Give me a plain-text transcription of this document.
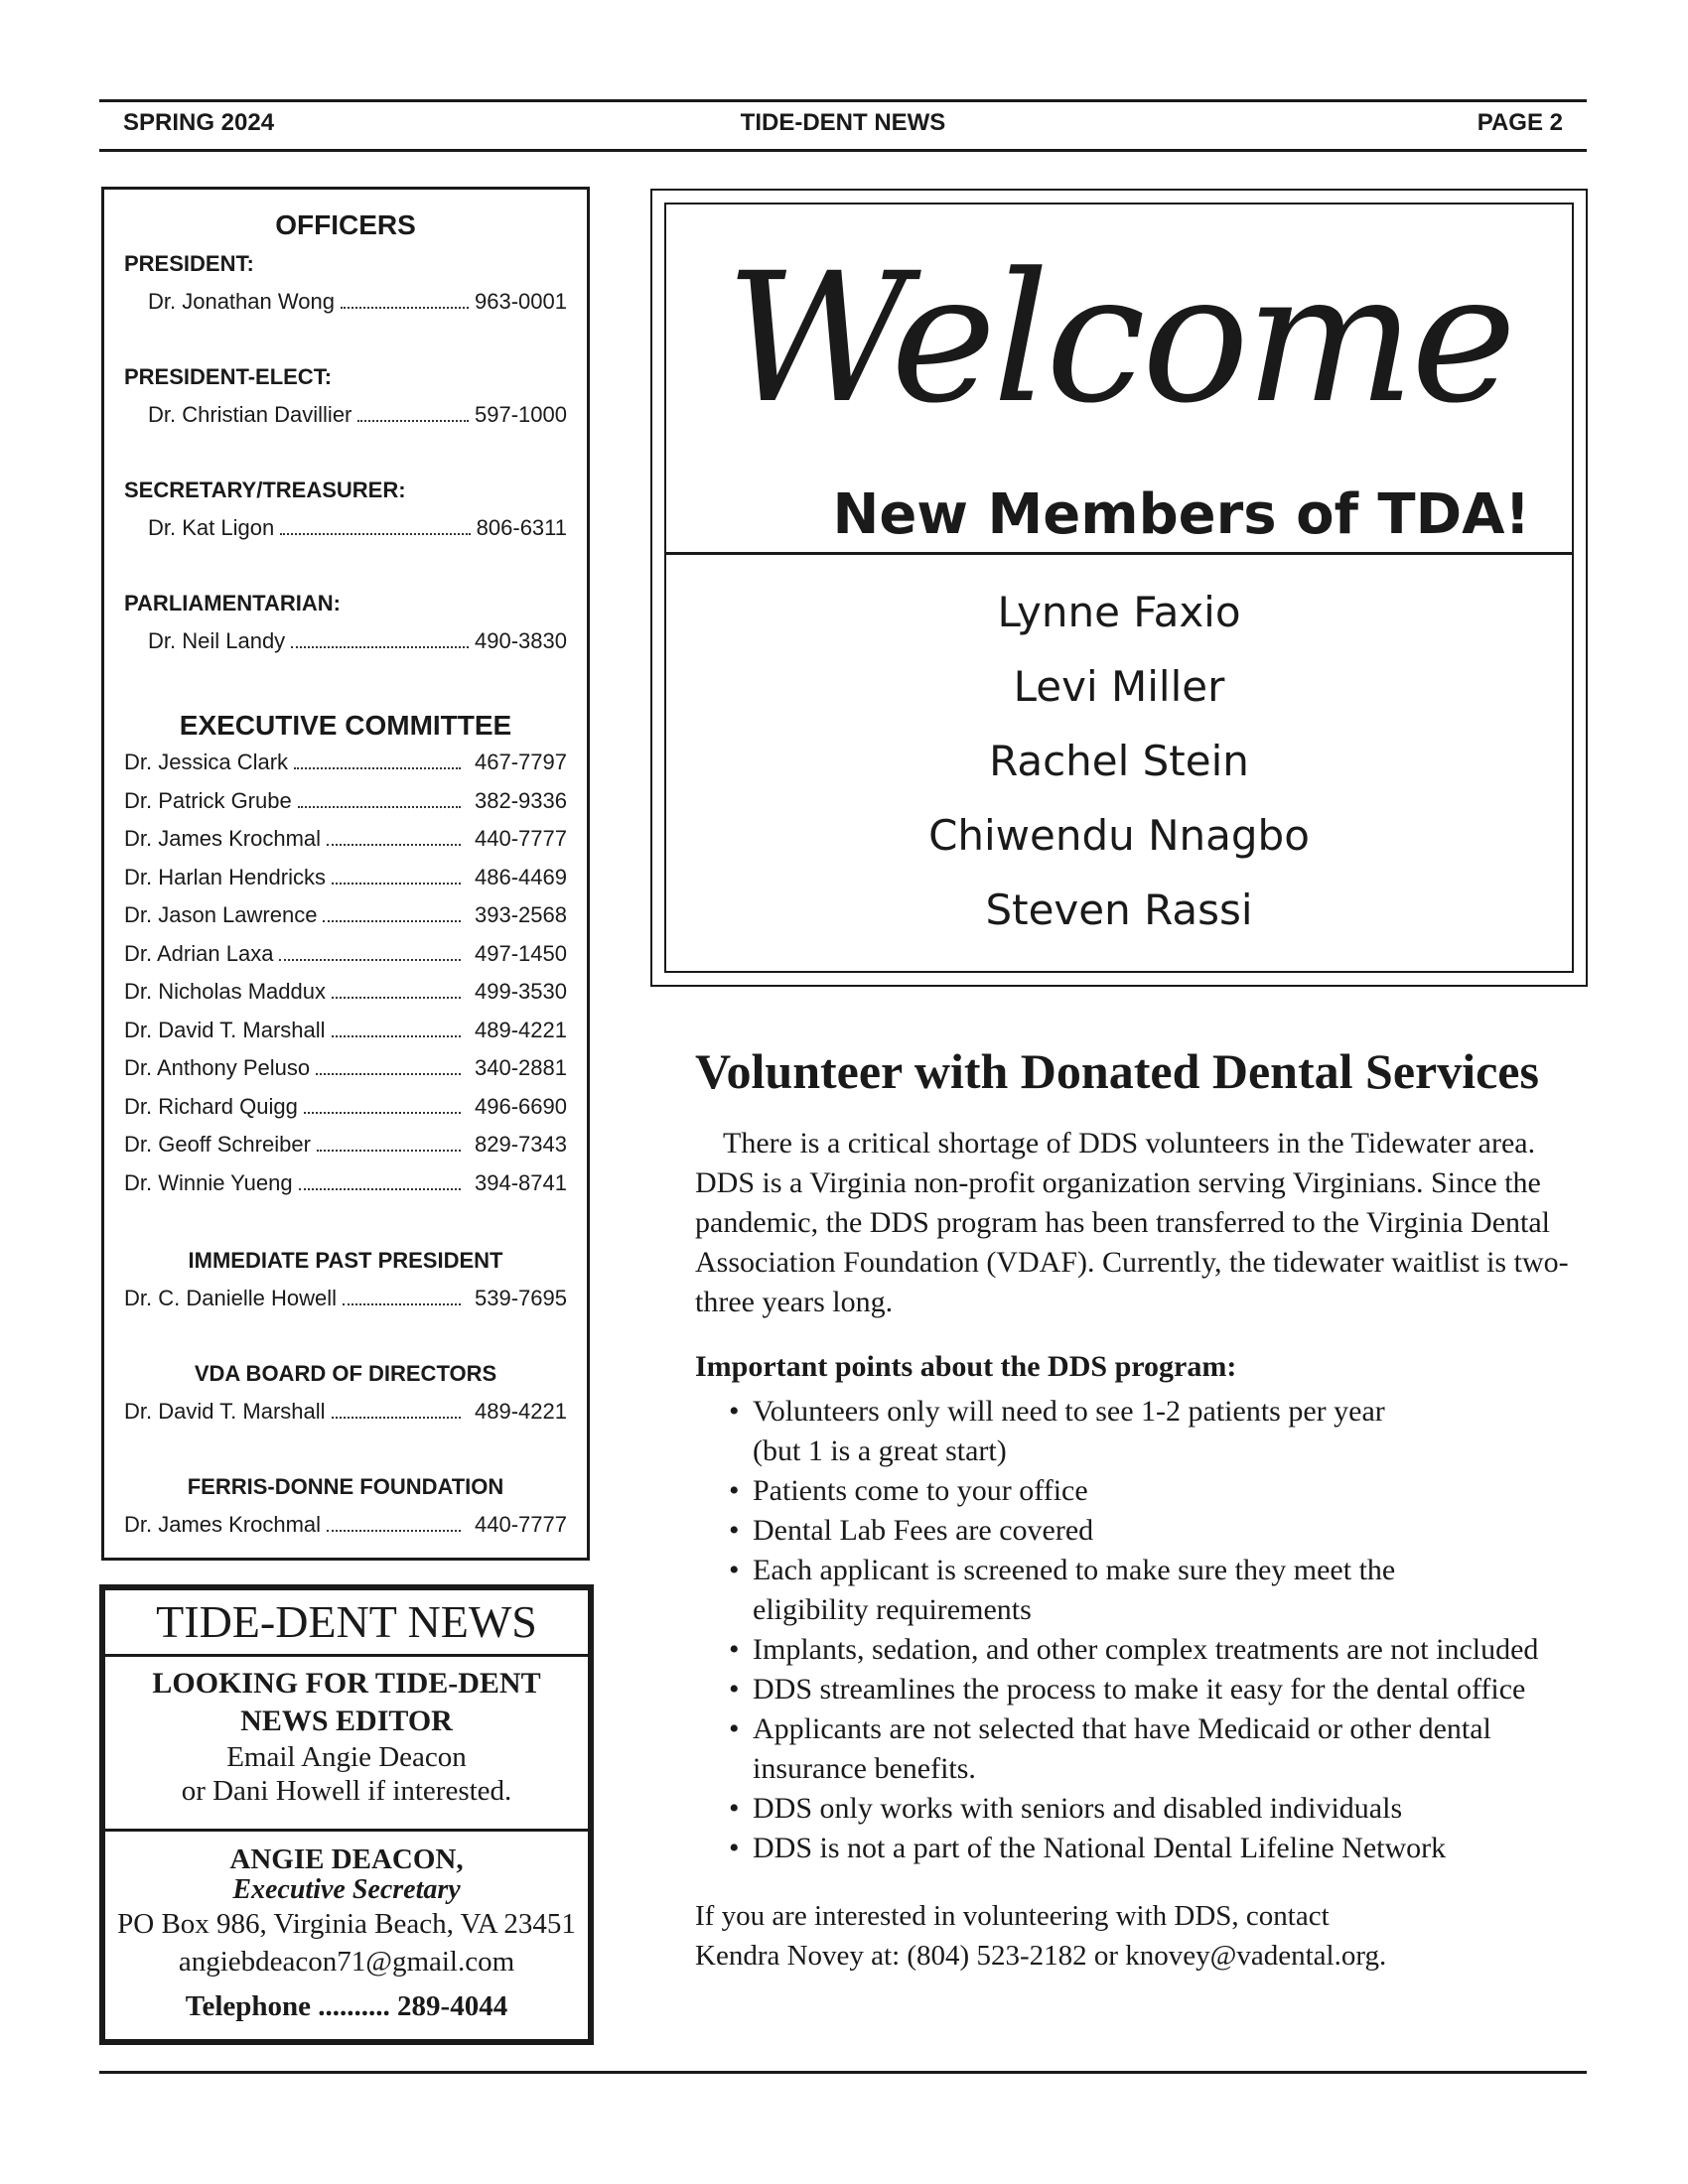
SPRING 2024	TIDE-DENT NEWS	PAGE 2
OFFICERS
PRESIDENT:
Dr. Jonathan Wong	963-0001
PRESIDENT-ELECT:
Dr. Christian Davillier	597-1000
SECRETARY/TREASURER:
Dr. Kat Ligon	806-6311
PARLIAMENTARIAN:
Dr. Neil Landy	490-3830
EXECUTIVE COMMITTEE
Dr. Jessica Clark	467-7797
Dr. Patrick Grube	382-9336
Dr. James Krochmal	440-7777
Dr. Harlan Hendricks	486-4469
Dr. Jason Lawrence	393-2568
Dr. Adrian Laxa	497-1450
Dr. Nicholas Maddux	499-3530
Dr. David T. Marshall	489-4221
Dr. Anthony Peluso	340-2881
Dr. Richard Quigg	496-6690
Dr. Geoff Schreiber	829-7343
Dr. Winnie Yueng	394-8741
IMMEDIATE PAST PRESIDENT
Dr. C. Danielle Howell	539-7695
VDA BOARD OF DIRECTORS
Dr. David T. Marshall	489-4221
FERRIS-DONNE FOUNDATION
Dr. James Krochmal	440-7777
TIDE-DENT NEWS
LOOKING FOR TIDE-DENT
NEWS EDITOR
Email Angie Deacon
or Dani Howell if interested.
ANGIE DEACON,
Executive Secretary
PO Box 986, Virginia Beach, VA 23451
angiebdeacon71@gmail.com
Telephone .......... 289-4044
Welcome
New Members of TDA!
Lynne Faxio
Levi Miller
Rachel Stein
Chiwendu Nnagbo
Steven Rassi
Volunteer with Donated Dental Services
There is a critical shortage of DDS volunteers in the Tidewater area. DDS is a Virginia non-profit organization serving Virginians. Since the pandemic, the DDS program has been transferred to the Virginia Dental Association Foundation (VDAF). Currently, the tidewater waitlist is two-three years long.
Important points about the DDS program:
• Volunteers only will need to see 1-2 patients per year
(but 1 is a great start)
• Patients come to your office
• Dental Lab Fees are covered
• Each applicant is screened to make sure they meet the
eligibility requirements
• Implants, sedation, and other complex treatments are not included
• DDS streamlines the process to make it easy for the dental office
• Applicants are not selected that have Medicaid or other dental
insurance benefits.
• DDS only works with seniors and disabled individuals
• DDS is not a part of the National Dental Lifeline Network
If you are interested in volunteering with DDS, contact
Kendra Novey at: (804) 523-2182 or knovey@vadental.org.
